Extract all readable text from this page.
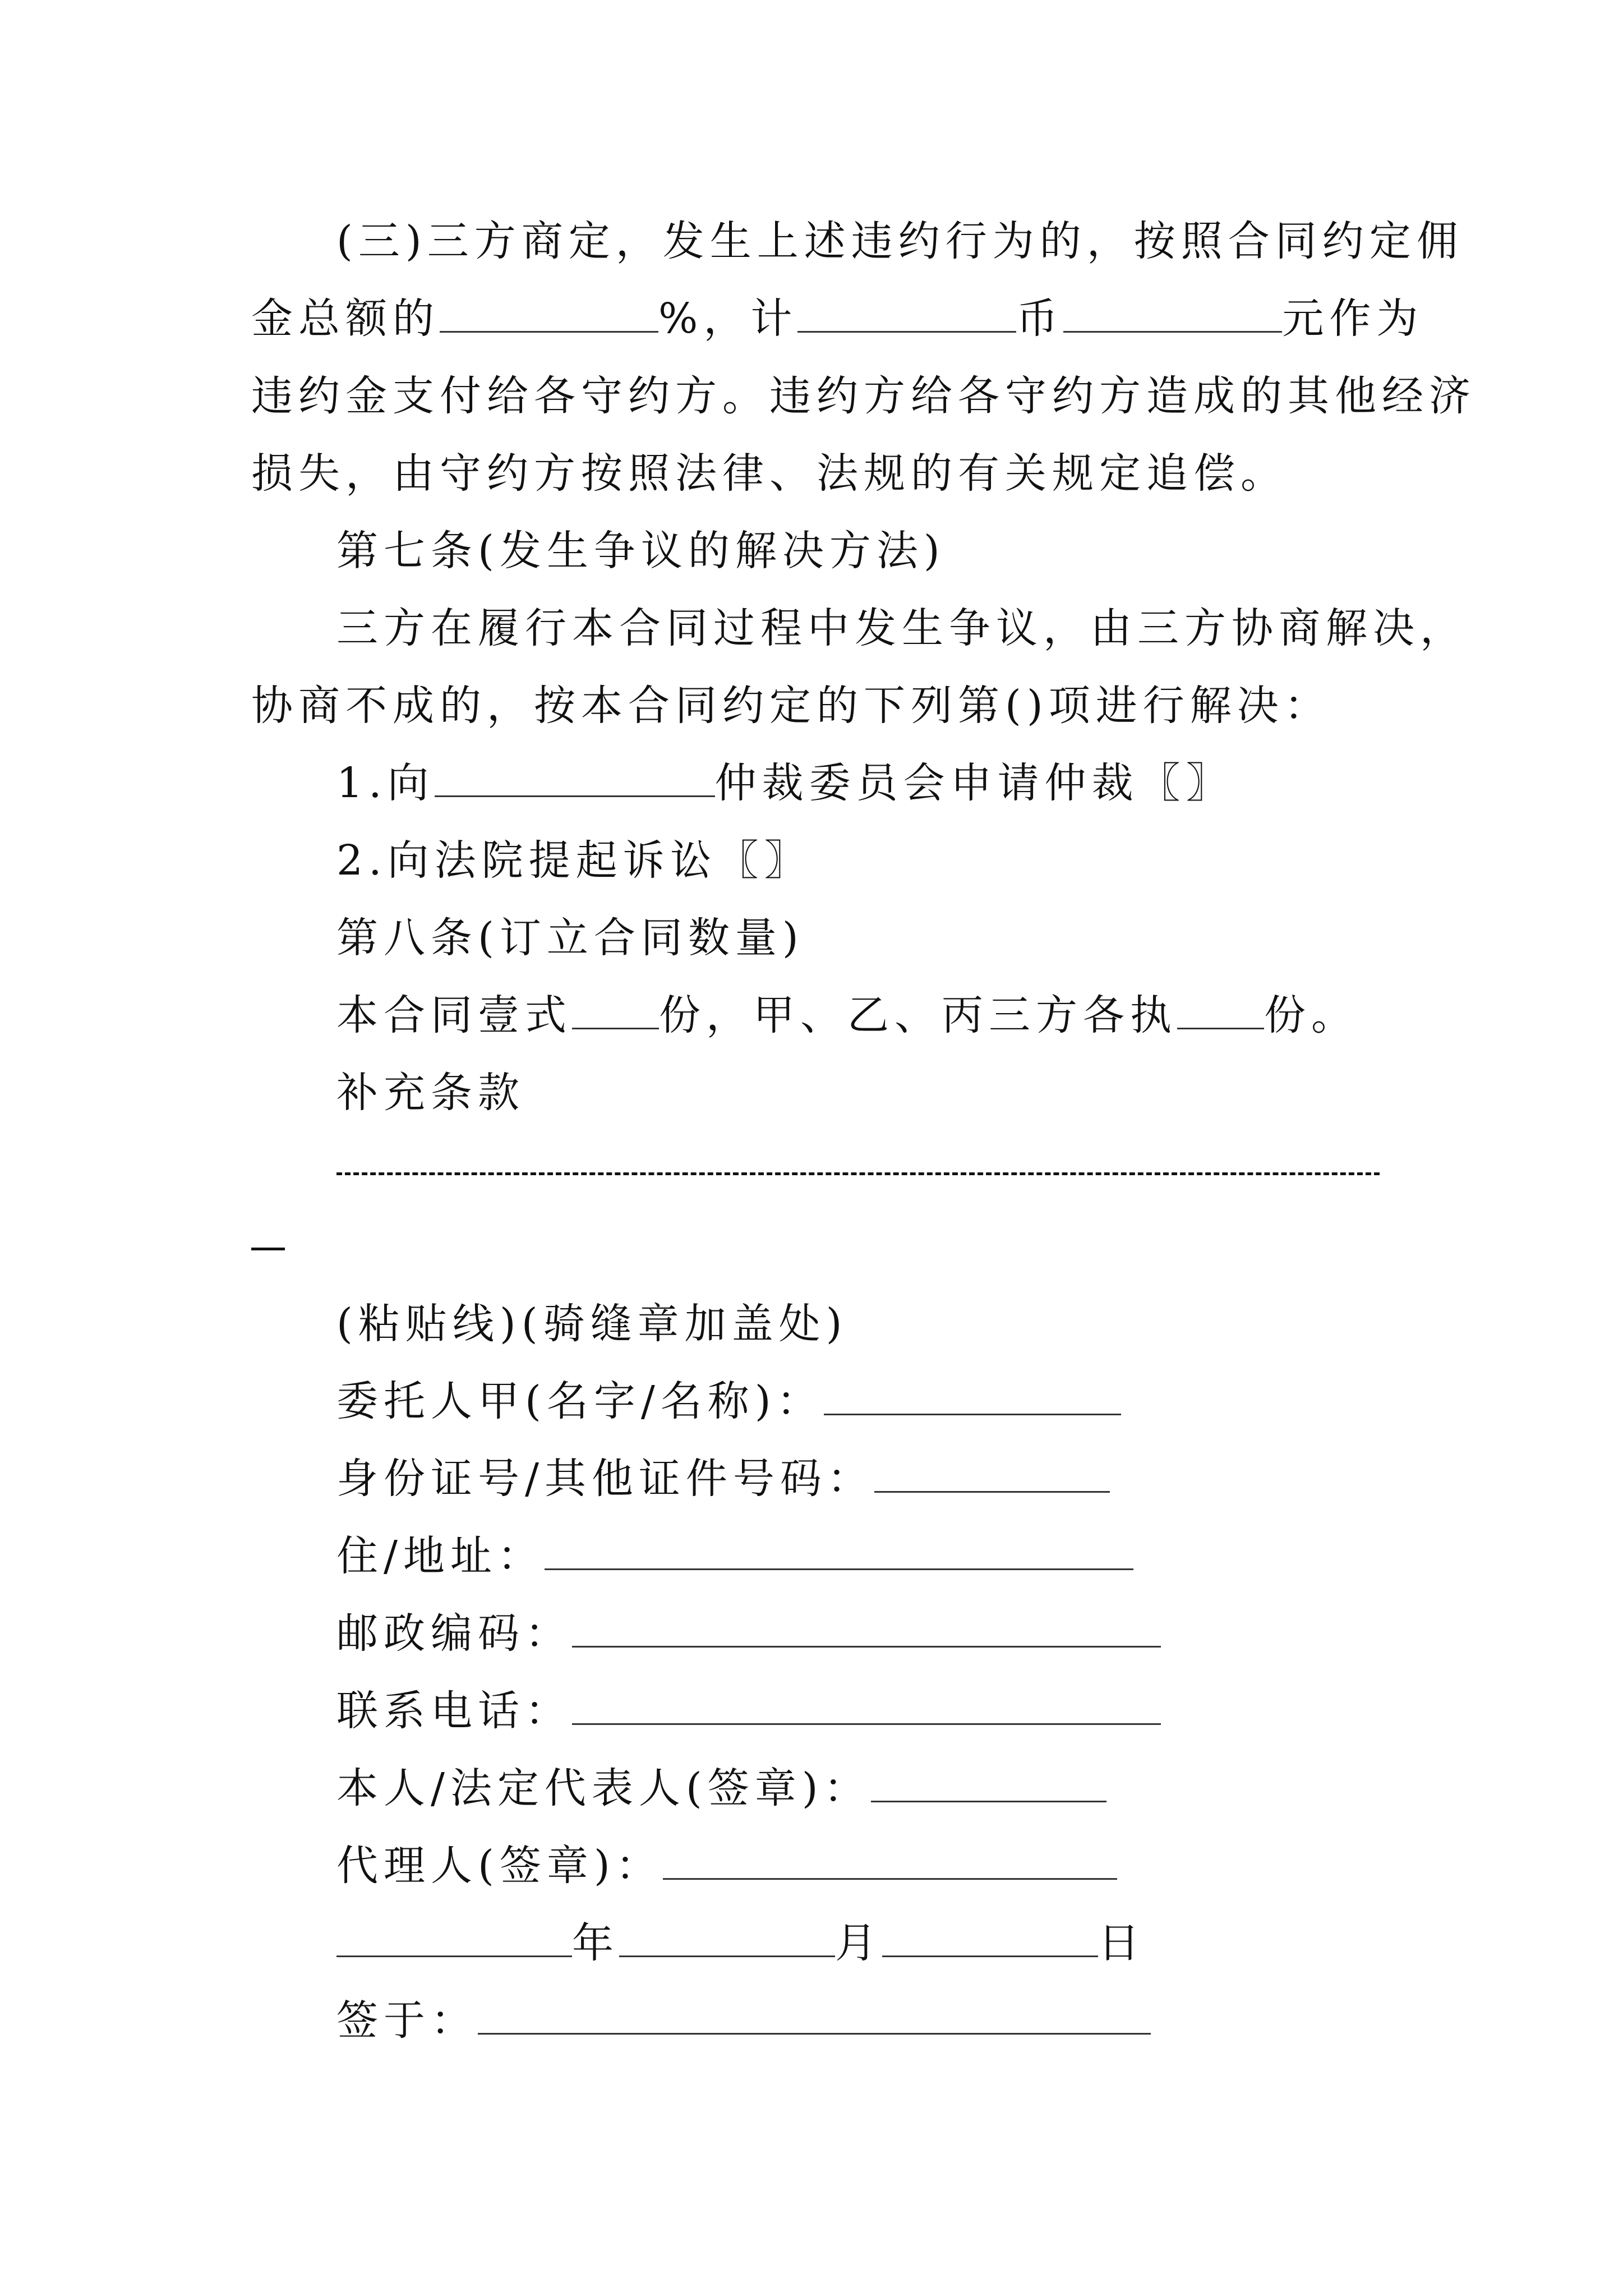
(三)三方商定，发生上述违约行为的，按照合同约定佣
金总额的	%，计	币	元作为
违约金支付给各守约方。违约方给各守约方造成的其他经济
损失，由守约方按照法律、法规的有关规定追偿。
第七条(发生争议的解决方法)
三方在履行本合同过程中发生争议，由三方协商解决，
协商不成的，按本合同约定的下列第()项进行解决：
1.向	仲裁委员会申请仲裁〖〗
2.向法院提起诉讼〖〗
第八条(订立合同数量)
本合同壹式 份，甲、乙、丙三方各执 份。
补充条款
(粘贴线)(骑缝章加盖处)
委托人甲(名字/名称)：
身份证号/其他证件号码：
住/地址：
邮政编码：
联系电话：
本人/法定代表人(签章)：
代理人(签章)：
年	月	日
签于：
